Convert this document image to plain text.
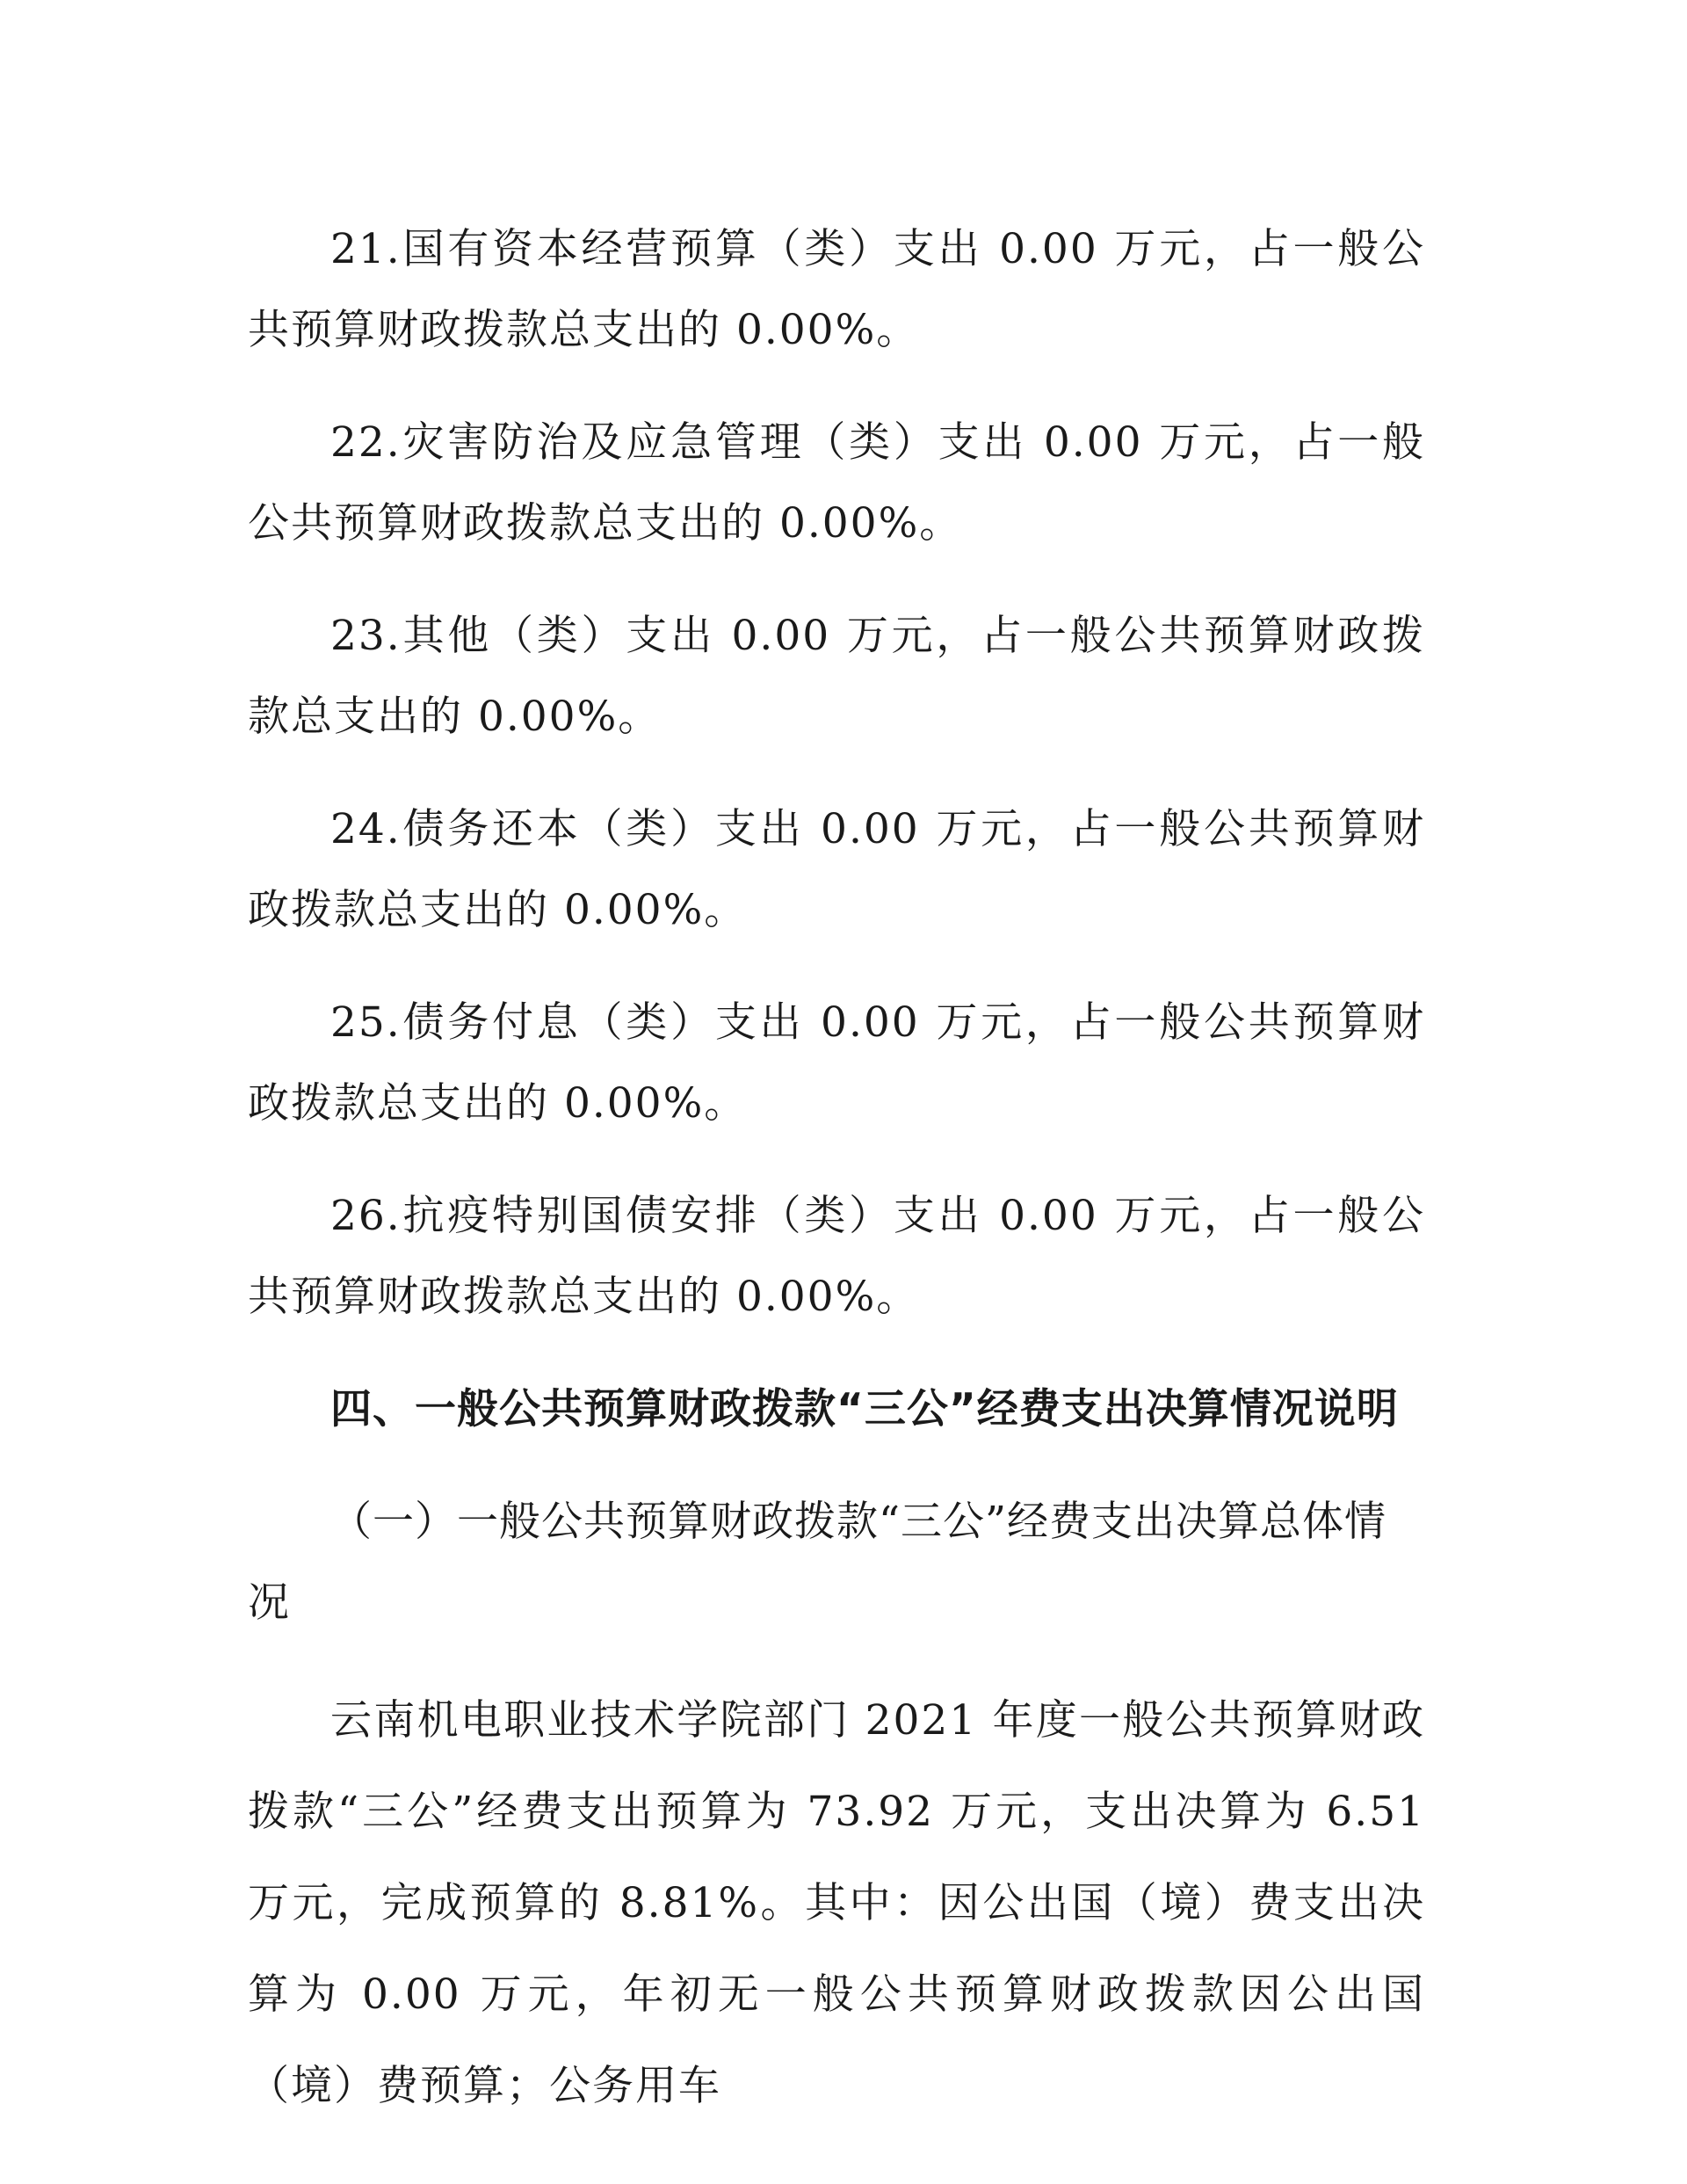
21.国有资本经营预算（类）支出 0.00 万元，占一般公共预算财政拨款总支出的 0.00%。

22.灾害防治及应急管理（类）支出 0.00 万元，占一般公共预算财政拨款总支出的 0.00%。

23.其他（类）支出 0.00 万元，占一般公共预算财政拨款总支出的 0.00%。

24.债务还本（类）支出 0.00 万元，占一般公共预算财政拨款总支出的 0.00%。

25.债务付息（类）支出 0.00 万元，占一般公共预算财政拨款总支出的 0.00%。

26.抗疫特别国债安排（类）支出 0.00 万元，占一般公共预算财政拨款总支出的 0.00%。

四、一般公共预算财政拨款“三公”经费支出决算情况说明

（一）一般公共预算财政拨款“三公”经费支出决算总体情况

云南机电职业技术学院部门 2021 年度一般公共预算财政拨款“三公”经费支出预算为 73.92 万元，支出决算为 6.51 万元，完成预算的 8.81%。其中：因公出国（境）费支出决算为 0.00 万元，年初无一般公共预算财政拨款因公出国（境）费预算；公务用车
